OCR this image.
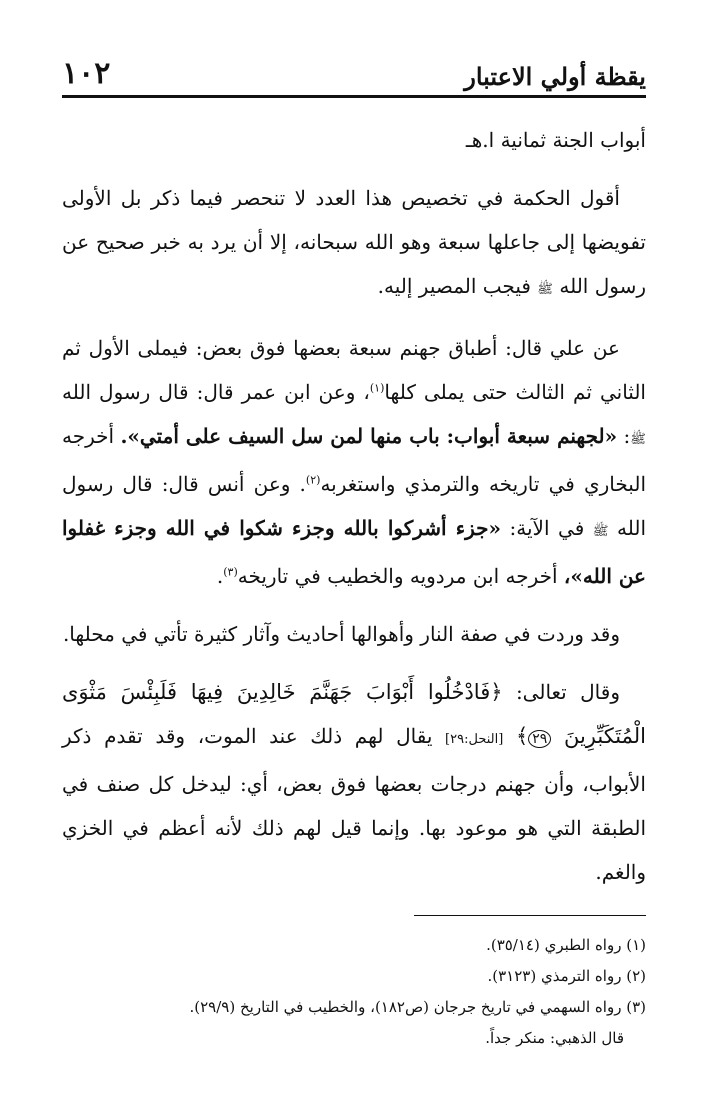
يقظة أولي الاعتبار
١٠٢

أبواب الجنة ثمانية ا.هـ

أقول الحكمة في تخصيص هذا العدد لا تنحصر فيما ذكر بل الأولى تفويضها إلى جاعلها سبعة وهو الله سبحانه، إلا أن يرد به خبر صحيح عن رسول الله ﷺ فيجب المصير إليه.

عن علي قال: أطباق جهنم سبعة بعضها فوق بعض: فيملى الأول ثم الثاني ثم الثالث حتى يملى كلها$^{(١)}$، وعن ابن عمر قال: قال رسول الله ﷺ: «لجهنم سبعة أبواب: باب منها لمن سل السيف على أمتي». أخرجه البخاري في تاريخه والترمذي واستغربه$^{(٢)}$. وعن أنس قال: قال رسول الله ﷺ في الآية: «جزء أشركوا بالله وجزء شكوا في الله وجزء غفلوا عن الله»، أخرجه ابن مردويه والخطيب في تاريخه$^{(٣)}$.

وقد وردت في صفة النار وأهوالها أحاديث وآثار كثيرة تأتي في محلها.

وقال تعالى: ﴿فَادْخُلُوا أَبْوَابَ جَهَنَّمَ خَالِدِينَ فِيهَا فَلَبِئْسَ مَثْوَى الْمُتَكَبِّرِينَ ٢٩﴾ [النحل:٢٩] يقال لهم ذلك عند الموت، وقد تقدم ذكر الأبواب، وأن جهنم درجات بعضها فوق بعض، أي: ليدخل كل صنف في الطبقة التي هو موعود بها. وإنما قيل لهم ذلك لأنه أعظم في الخزي والغم.

(١) رواه الطبري (٣٥/١٤).

(٢) رواه الترمذي (٣١٢٣).

(٣) رواه السهمي في تاريخ جرجان (ص١٨٢)، والخطيب في التاريخ (٢٩/٩).

قال الذهبي: منكر جداً.
